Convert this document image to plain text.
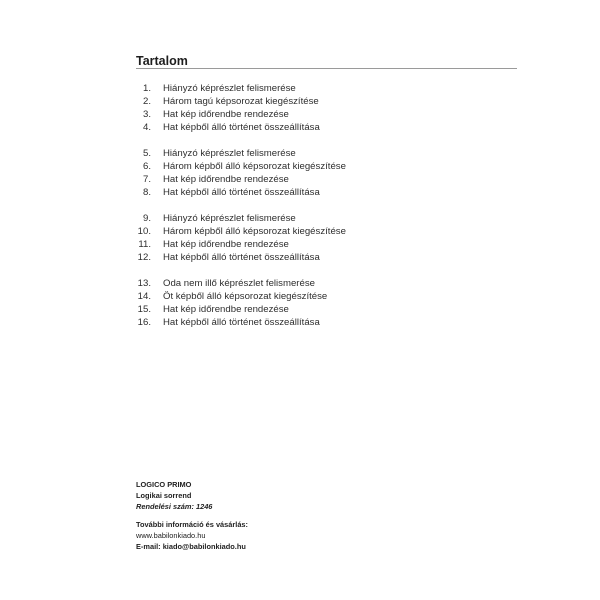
Tartalom
1. Hiányzó képrészlet felismerése
2. Három tagú képsorozat kiegészítése
3. Hat kép időrendbe rendezése
4. Hat képből álló történet összeállítása
5. Hiányzó képrészlet felismerése
6. Három képből álló képsorozat kiegészítése
7. Hat kép időrendbe rendezése
8. Hat képből álló történet összeállítása
9. Hiányzó képrészlet felismerése
10. Három képből álló képsorozat kiegészítése
11. Hat kép időrendbe rendezése
12. Hat képből álló történet összeállítása
13. Oda nem illő képrészlet felismerése
14. Öt képből álló képsorozat kiegészítése
15. Hat kép időrendbe rendezése
16. Hat képből álló történet összeállítása
LOGICO PRIMO
Logikai sorrend
Rendelési szám: 1246
További információ és vásárlás:
www.babilonkiado.hu
E-mail: kiado@babilonkiado.hu
